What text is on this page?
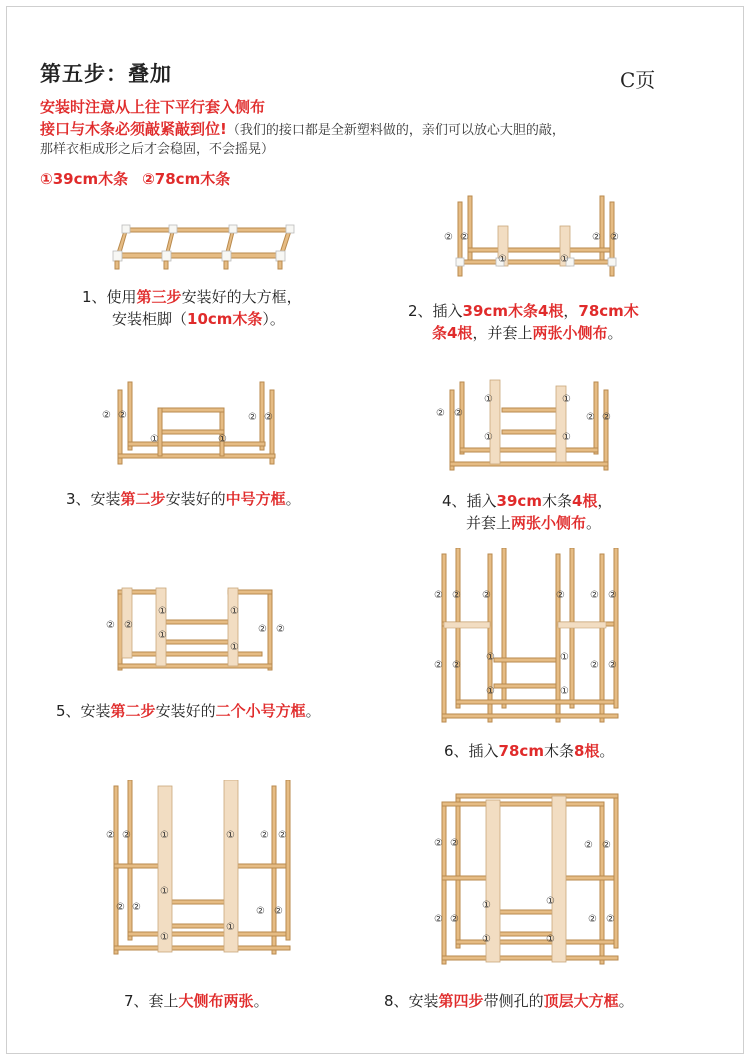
第五步：叠加	C页
安装时注意从上往下平行套入侧布
接口与木条必须敲紧敲到位!（我们的接口都是全新塑料做的，亲们可以放心大胆的敲，
那样衣柜成形之后才会稳固，不会摇晃）
①39cm木条 ②78cm木条
1、使用第三步安装好的大方框，
安装柜脚（10cm木条）。
② ②	② ②
①	①
2、插入39cm木条4根，78cm木
条4根，并套上两张小侧布。
② ②	② ②
①	①
3、安装第二步安装好的中号方框。
② ②	② ②
①
①
①
①
4、插入39cm木条4根，
并套上两张小侧布。
② ②	② ②
①
①
①
①
5、安装第二步安装好的二个小号方框。
② ② ②	②	② ②
② ②	② ②
①	①
①	①
6、插入78cm木条8根。
② ②	② ②
② ②	② ②
①
①
①
①
①
7、套上大侧布两张。
② ②	② ②
② ②	② ②
①
①
①
①
8、安装第四步带侧孔的顶层大方框。
